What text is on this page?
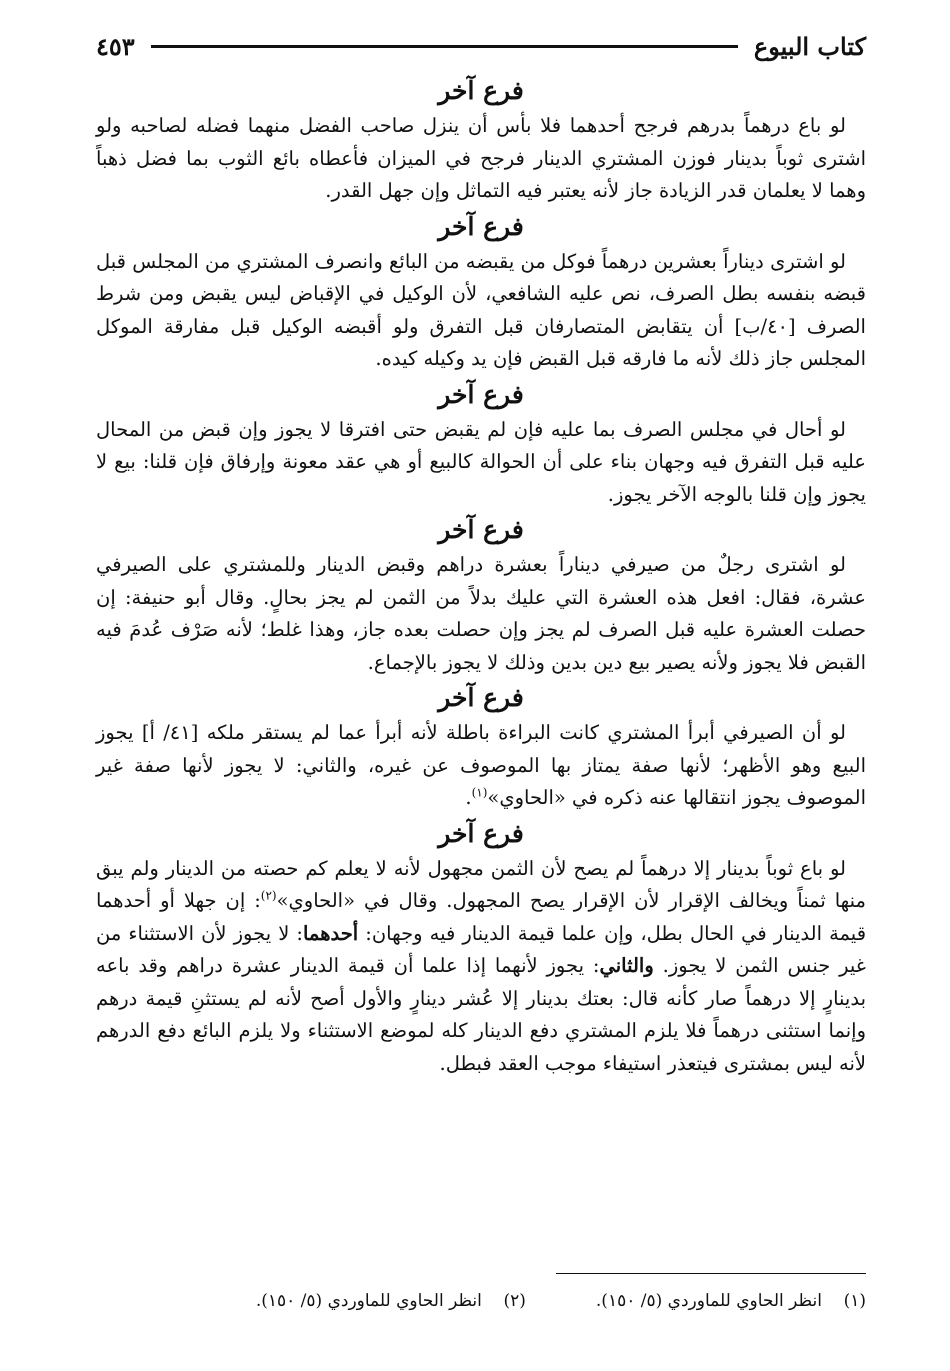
كتاب البيوع
٤٥٣
فرع آخر

لو باع درهماً بدرهم فرجح أحدهما فلا بأس أن ينزل صاحب الفضل منهما فضله لصاحبه ولو اشترى ثوباً بدينار فوزن المشتري الدينار فرجح في الميزان فأعطاه بائع الثوب بما فضل ذهباً وهما لا يعلمان قدر الزيادة جاز لأنه يعتبر فيه التماثل وإن جهل القدر.

فرع آخر

لو اشترى ديناراً بعشرين درهماً فوكل من يقبضه من البائع وانصرف المشتري من المجلس قبل قبضه بنفسه بطل الصرف، نص عليه الشافعي، لأن الوكيل في الإقباض ليس يقبض ومن شرط الصرف [٤٠/ب] أن يتقابض المتصارفان قبل التفرق ولو أقبضه الوكيل قبل مفارقة الموكل المجلس جاز ذلك لأنه ما فارقه قبل القبض فإن يد وكيله كيده.

فرع آخر

لو أحال في مجلس الصرف بما عليه فإن لم يقبض حتى افترقا لا يجوز وإن قبض من المحال عليه قبل التفرق فيه وجهان بناء على أن الحوالة كالبيع أو هي عقد معونة وإرفاق فإن قلنا: بيع لا يجوز وإن قلنا بالوجه الآخر يجوز.

فرع آخر

لو اشترى رجلٌ من صيرفي ديناراً بعشرة دراهم وقبض الدينار وللمشتري على الصيرفي عشرة، فقال: افعل هذه العشرة التي عليك بدلاً من الثمن لم يجز بحالٍ. وقال أبو حنيفة: إن حصلت العشرة عليه قبل الصرف لم يجز وإن حصلت بعده جاز، وهذا غلط؛ لأنه صَرْف عُدمَ فيه القبض فلا يجوز ولأنه يصير بيع دين بدين وذلك لا يجوز بالإجماع.

فرع آخر

لو أن الصيرفي أبرأ المشتري كانت البراءة باطلة لأنه أبرأ عما لم يستقر ملكه [٤١/ أ] يجوز البيع وهو الأظهر؛ لأنها صفة يمتاز بها الموصوف عن غيره، والثاني: لا يجوز لأنها صفة غير الموصوف يجوز انتقالها عنه ذكره في «الحاوي»$^{(١)}$.

فرع آخر

لو باع ثوباً بدينار إلا درهماً لم يصح لأن الثمن مجهول لأنه لا يعلم كم حصته من الدينار ولم يبق منها ثمناً ويخالف الإقرار لأن الإقرار يصح المجهول. وقال في «الحاوي»$^{(٢)}$: إن جهلا أو أحدهما قيمة الدينار في الحال بطل، وإن علما قيمة الدينار فيه وجهان: أحدهما: لا يجوز لأن الاستثناء من غير جنس الثمن لا يجوز. والثاني: يجوز لأنهما إذا علما أن قيمة الدينار عشرة دراهم وقد باعه بدينارٍ إلا درهماً صار كأنه قال: بعتك بدينار إلا عُشر دينارٍ والأول أصح لأنه لم يستثنِ قيمة درهم وإنما استثنى درهماً فلا يلزم المشتري دفع الدينار كله لموضع الاستثناء ولا يلزم البائع دفع الدرهم لأنه ليس بمشترى فيتعذر استيفاء موجب العقد فبطل.

(١)    انظر الحاوي للماوردي (٥/ ١٥٠).
(٢)    انظر الحاوي للماوردي (٥/ ١٥٠).
